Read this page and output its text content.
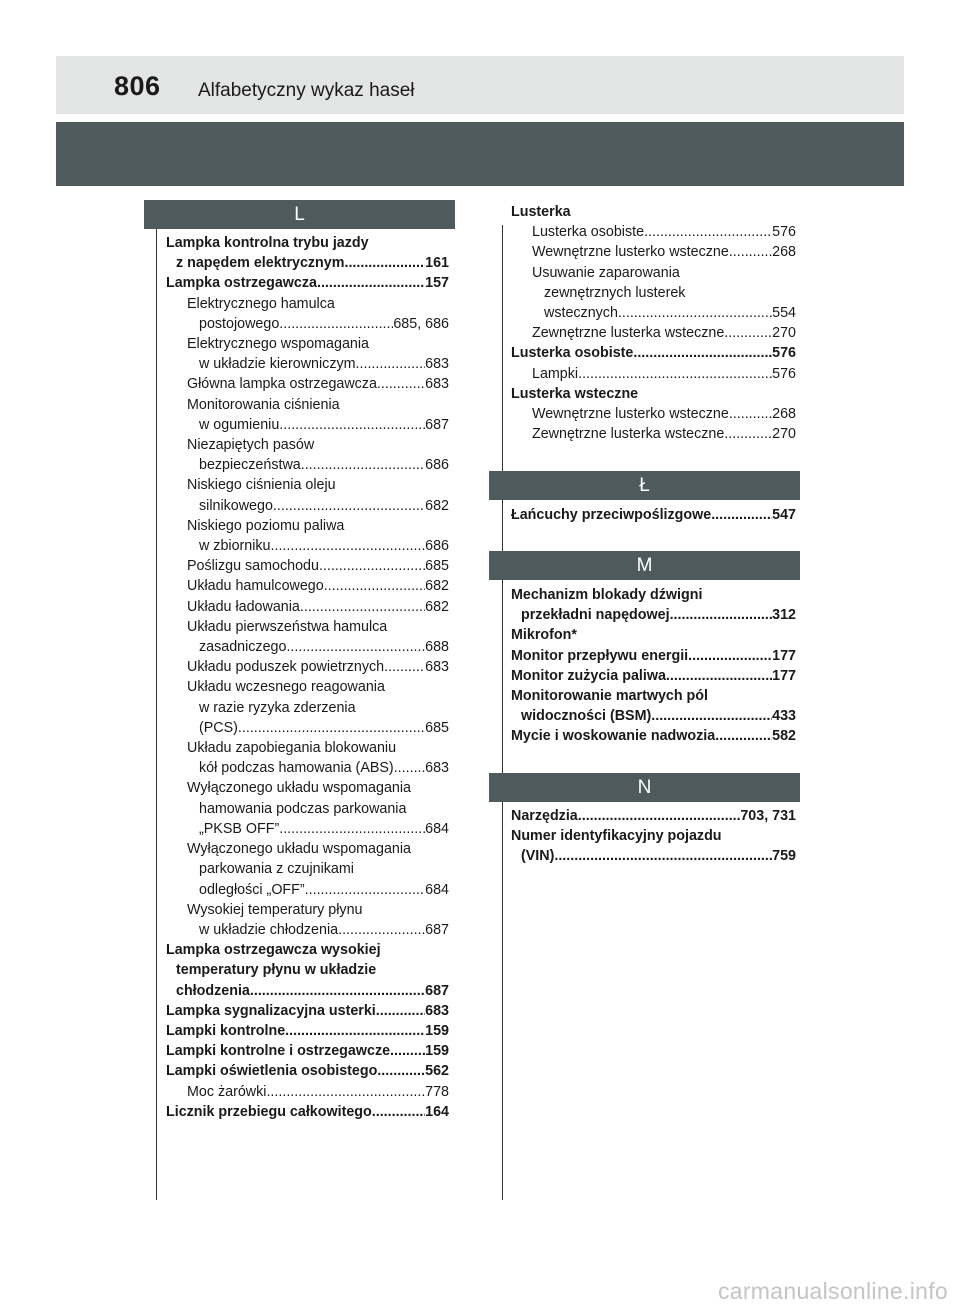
806 Alfabetyczny wykaz haseł
L
Ł
M
N
Lampka kontrolna trybu jazdy
z napędem elektrycznym .....	161
Lampka ostrzegawcza .....	157
Elektrycznego hamulca
postojowego .....	685, 686
Elektrycznego wspomagania
w układzie kierowniczym .....	683
Główna lampka ostrzegawcza .....	683
Monitorowania ciśnienia
w ogumieniu .....	687
Niezapiętych pasów
bezpieczeństwa .....	686
Niskiego ciśnienia oleju
silnikowego .....	682
Niskiego poziomu paliwa
w zbiorniku .....	686
Poślizgu samochodu .....	685
Układu hamulcowego .....	682
Układu ładowania .....	682
Układu pierwszeństwa hamulca
zasadniczego .....	688
Układu poduszek powietrznych .....	683
Układu wczesnego reagowania
w razie ryzyka zderzenia
(PCS) .....	685
Układu zapobiegania blokowaniu
kół podczas hamowania (ABS) ..... 683
Wyłączonego układu wspomagania
hamowania podczas parkowania
„PKSB OFF” .....	684
Wyłączonego układu wspomagania
parkowania z czujnikami
odległości „OFF” .....	684
Wysokiej temperatury płynu
w układzie chłodzenia .....	687
Lampka ostrzegawcza wysokiej
temperatury płynu w układzie
chłodzenia .....	687
Lampka sygnalizacyjna usterki .....	683
Lampki kontrolne .....	159
Lampki kontrolne i ostrzegawcze ..... 159
Lampki oświetlenia osobistego .....	562
Moc żarówki .....	778
Licznik przebiegu całkowitego .....	164
Lusterka
Lusterka osobiste .....	576
Wewnętrzne lusterko wsteczne .....	268
Usuwanie zaparowania
zewnętrznych lusterek
wstecznych .....	554
Zewnętrzne lusterka wsteczne .....	270
Lusterka osobiste .....	576
Lampki .....	576
Lusterka wsteczne
Wewnętrzne lusterko wsteczne .....	268
Zewnętrzne lusterka wsteczne .....	270
Łańcuchy przeciwpoślizgowe .....	547
Mechanizm blokady dźwigni
przekładni napędowej .....	312
Mikrofon*
Monitor przepływu energii .....	177
Monitor zużycia paliwa .....	177
Monitorowanie martwych pól
widoczności (BSM) .....	433
Mycie i woskowanie nadwozia .....	582
Narzędzia .....	703, 731
Numer identyfikacyjny pojazdu
(VIN) .....	759
carmanualsonline.info
